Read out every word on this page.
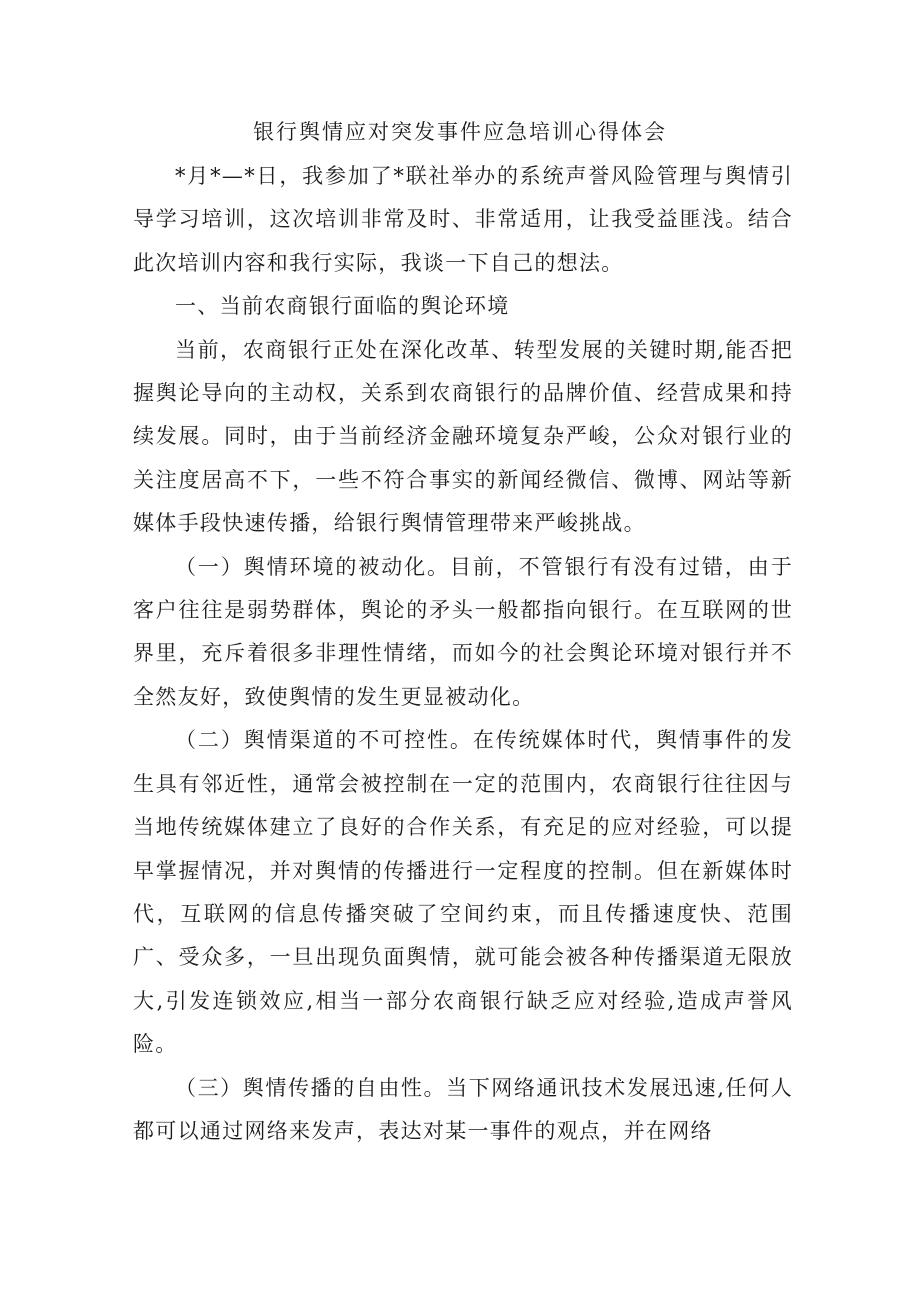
银行舆情应对突发事件应急培训心得体会

*月*—*日，我参加了*联社举办的系统声誉风险管理与舆情引导学习培训，这次培训非常及时、非常适用，让我受益匪浅。结合此次培训内容和我行实际，我谈一下自己的想法。

一、当前农商银行面临的舆论环境

当前，农商银行正处在深化改革、转型发展的关键时期,能否把握舆论导向的主动权，关系到农商银行的品牌价值、经营成果和持续发展。同时，由于当前经济金融环境复杂严峻，公众对银行业的关注度居高不下，一些不符合事实的新闻经微信、微博、网站等新媒体手段快速传播，给银行舆情管理带来严峻挑战。

（一）舆情环境的被动化。目前，不管银行有没有过错，由于客户往往是弱势群体，舆论的矛头一般都指向银行。在互联网的世界里，充斥着很多非理性情绪，而如今的社会舆论环境对银行并不全然友好，致使舆情的发生更显被动化。

（二）舆情渠道的不可控性。在传统媒体时代，舆情事件的发生具有邻近性，通常会被控制在一定的范围内，农商银行往往因与当地传统媒体建立了良好的合作关系，有充足的应对经验，可以提早掌握情况，并对舆情的传播进行一定程度的控制。但在新媒体时代，互联网的信息传播突破了空间约束，而且传播速度快、范围广、受众多，一旦出现负面舆情，就可能会被各种传播渠道无限放大,引发连锁效应,相当一部分农商银行缺乏应对经验,造成声誉风险。

（三）舆情传播的自由性。当下网络通讯技术发展迅速,任何人都可以通过网络来发声，表达对某一事件的观点，并在网络
